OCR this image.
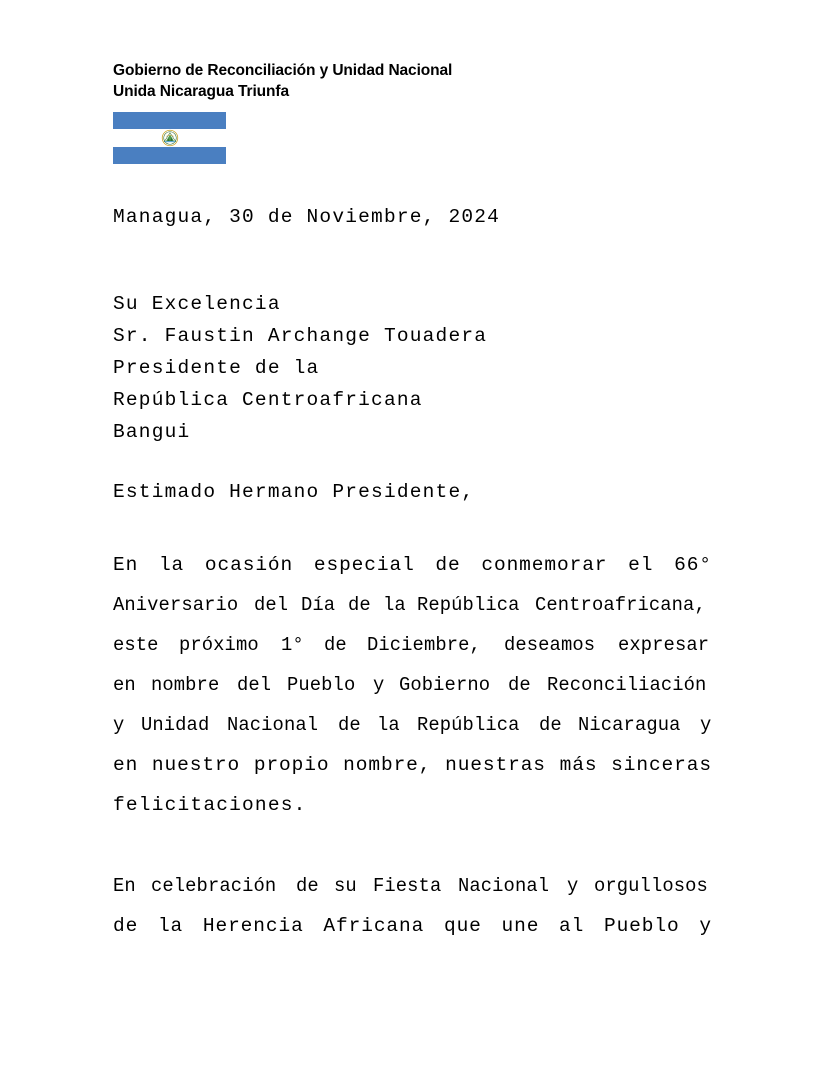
Gobierno de Reconciliación y Unidad Nacional
Unida Nicaragua Triunfa
Managua, 30 de Noviembre, 2024
Su Excelencia
Sr. Faustin Archange Touadera
Presidente de la
República Centroafricana
Bangui
Estimado Hermano Presidente,
En la ocasión especial de conmemorar el 66°
Aniversario del Día de la República Centroafricana,
este próximo 1° de Diciembre, deseamos expresar
en nombre del Pueblo y Gobierno de Reconciliación
y Unidad Nacional de la República de Nicaragua y
en nuestro propio nombre, nuestras más sinceras
felicitaciones.
En celebración de su Fiesta Nacional y orgullosos
de la Herencia Africana que une al Pueblo y
